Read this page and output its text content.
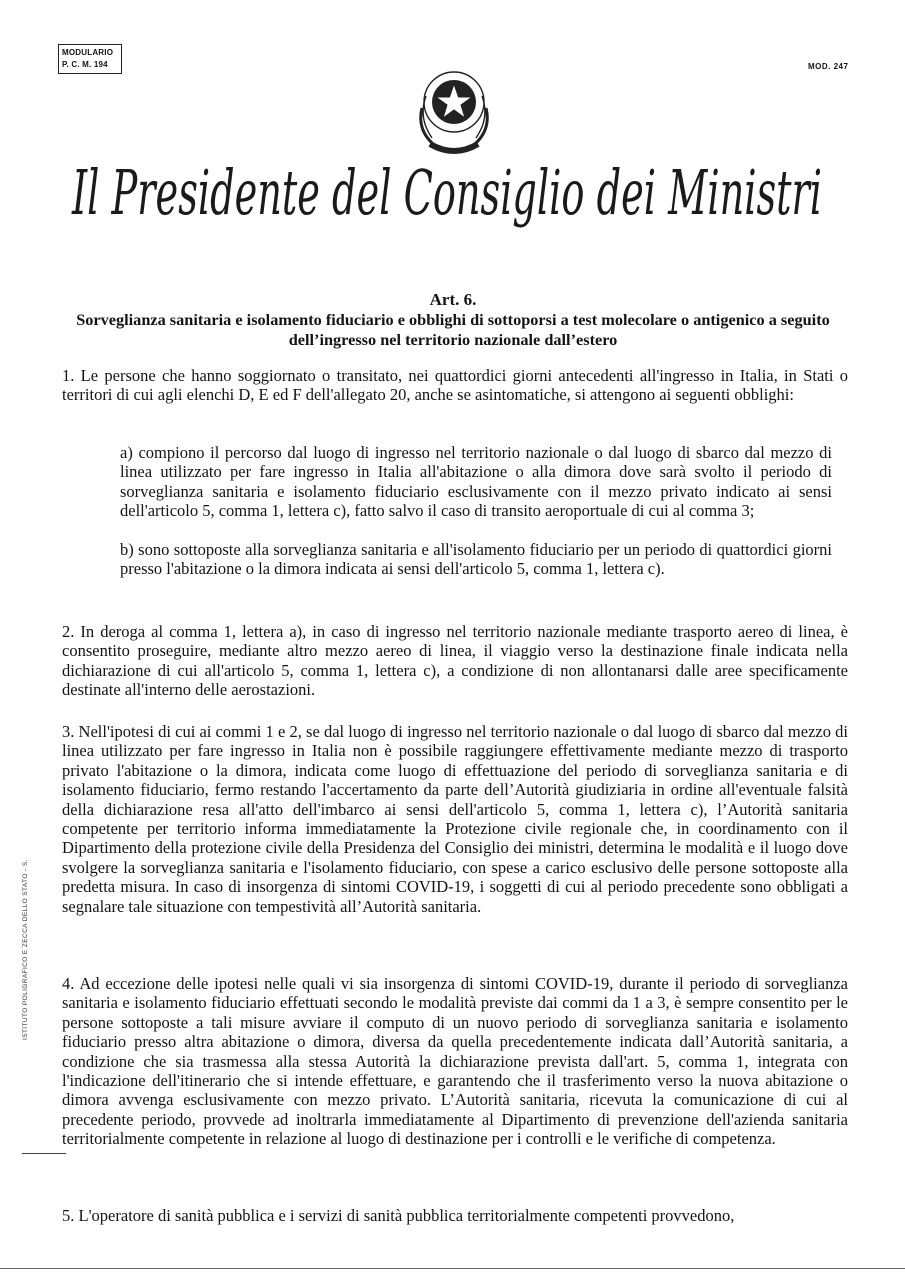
MODULARIO
P. C. M. 194	MOD. 247
Il Presidente del Consiglio dei Ministri
ISTITUTO POLIGRAFICO E ZECCA DELLO STATO - S.
Art. 6.
Sorveglianza sanitaria e isolamento fiduciario e obblighi di sottoporsi a test molecolare o antigenico a seguito dell’ingresso nel territorio nazionale dall’estero
1. Le persone che hanno soggiornato o transitato, nei quattordici giorni antecedenti all'ingresso in Italia, in Stati o territori di cui agli elenchi D, E ed F dell'allegato 20, anche se asintomatiche, si attengono ai seguenti obblighi:
a) compiono il percorso dal luogo di ingresso nel territorio nazionale o dal luogo di sbarco dal mezzo di linea utilizzato per fare ingresso in Italia all'abitazione o alla dimora dove sarà svolto il periodo di sorveglianza sanitaria e isolamento fiduciario esclusivamente con il mezzo privato indicato ai sensi dell'articolo 5, comma 1, lettera c), fatto salvo il caso di transito aeroportuale di cui al comma 3;
b) sono sottoposte alla sorveglianza sanitaria e all'isolamento fiduciario per un periodo di quattordici giorni presso l'abitazione o la dimora indicata ai sensi dell'articolo 5, comma 1, lettera c).
2. In deroga al comma 1, lettera a), in caso di ingresso nel territorio nazionale mediante trasporto aereo di linea, è consentito proseguire, mediante altro mezzo aereo di linea, il viaggio verso la destinazione finale indicata nella dichiarazione di cui all'articolo 5, comma 1, lettera c), a condizione di non allontanarsi dalle aree specificamente destinate all'interno delle aerostazioni.
3. Nell'ipotesi di cui ai commi 1 e 2, se dal luogo di ingresso nel territorio nazionale o dal luogo di sbarco dal mezzo di linea utilizzato per fare ingresso in Italia non è possibile raggiungere effettivamente mediante mezzo di trasporto privato l'abitazione o la dimora, indicata come luogo di effettuazione del periodo di sorveglianza sanitaria e di isolamento fiduciario, fermo restando l'accertamento da parte dell’Autorità giudiziaria in ordine all'eventuale falsità della dichiarazione resa all'atto dell'imbarco ai sensi dell'articolo 5, comma 1, lettera c), l’Autorità sanitaria competente per territorio informa immediatamente la Protezione civile regionale che, in coordinamento con il Dipartimento della protezione civile della Presidenza del Consiglio dei ministri, determina le modalità e il luogo dove svolgere la sorveglianza sanitaria e l'isolamento fiduciario, con spese a carico esclusivo delle persone sottoposte alla predetta misura. In caso di insorgenza di sintomi COVID-19, i soggetti di cui al periodo precedente sono obbligati a segnalare tale situazione con tempestività all’Autorità sanitaria.
4. Ad eccezione delle ipotesi nelle quali vi sia insorgenza di sintomi COVID-19, durante il periodo di sorveglianza sanitaria e isolamento fiduciario effettuati secondo le modalità previste dai commi da 1 a 3, è sempre consentito per le persone sottoposte a tali misure avviare il computo di un nuovo periodo di sorveglianza sanitaria e isolamento fiduciario presso altra abitazione o dimora, diversa da quella precedentemente indicata dall’Autorità sanitaria, a condizione che sia trasmessa alla stessa Autorità la dichiarazione prevista dall'art. 5, comma 1, integrata con l'indicazione dell'itinerario che si intende effettuare, e garantendo che il trasferimento verso la nuova abitazione o dimora avvenga esclusivamente con mezzo privato. L’Autorità sanitaria, ricevuta la comunicazione di cui al precedente periodo, provvede ad inoltrarla immediatamente al Dipartimento di prevenzione dell'azienda sanitaria territorialmente competente in relazione al luogo di destinazione per i controlli e le verifiche di competenza.
5. L'operatore di sanità pubblica e i servizi di sanità pubblica territorialmente competenti provvedono,
